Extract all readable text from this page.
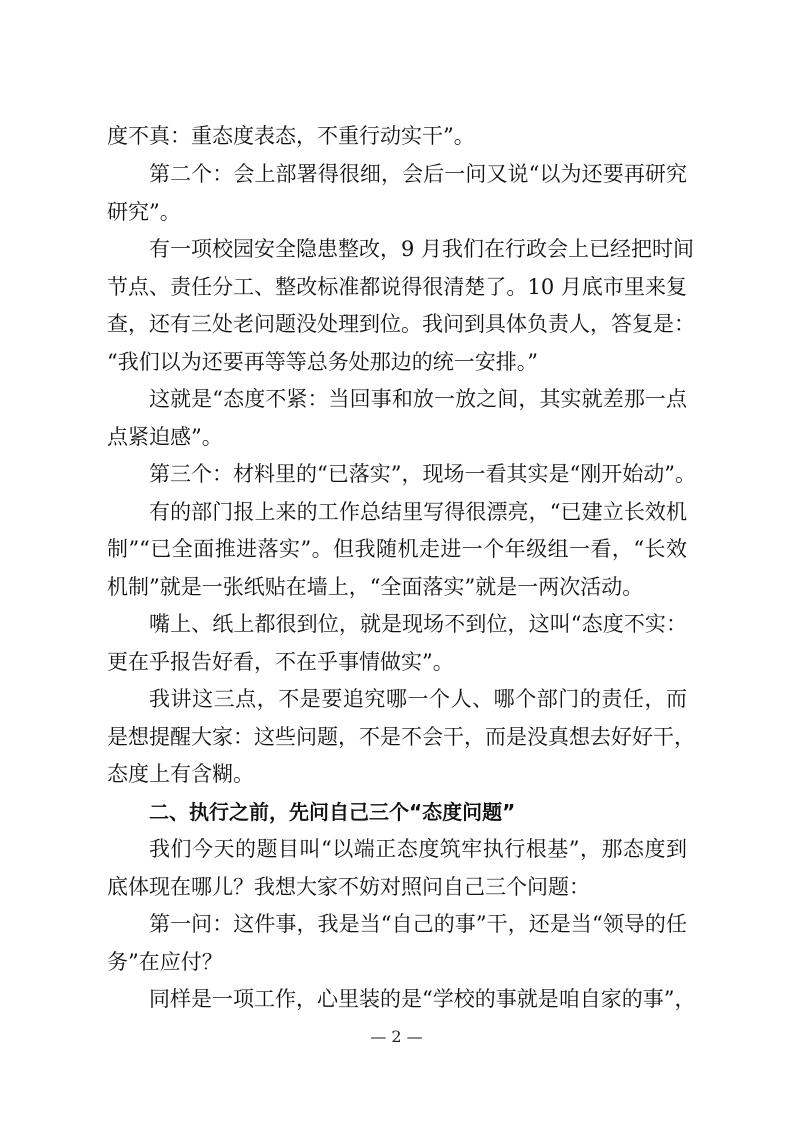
度不真：重态度表态，不重行动实干”。
第二个：会上部署得很细，会后一问又说“以为还要再研究
研究”。
有一项校园安全隐患整改，9 月我们在行政会上已经把时间
节点、责任分工、整改标准都说得很清楚了。10 月底市里来复
查，还有三处老问题没处理到位。我问到具体负责人，答复是：
“我们以为还要再等等总务处那边的统一安排。”
这就是“态度不紧：当回事和放一放之间，其实就差那一点
点紧迫感”。
第三个：材料里的“已落实”，现场一看其实是“刚开始动”。
有的部门报上来的工作总结里写得很漂亮，“已建立长效机
制”“已全面推进落实”。但我随机走进一个年级组一看，“长效
机制”就是一张纸贴在墙上，“全面落实”就是一两次活动。
嘴上、纸上都很到位，就是现场不到位，这叫“态度不实：
更在乎报告好看，不在乎事情做实”。
我讲这三点，不是要追究哪一个人、哪个部门的责任，而
是想提醒大家：这些问题，不是不会干，而是没真想去好好干，
态度上有含糊。
二、执行之前，先问自己三个“态度问题”
我们今天的题目叫“以端正态度筑牢执行根基”，那态度到
底体现在哪儿？我想大家不妨对照问自己三个问题：
第一问：这件事，我是当“自己的事”干，还是当“领导的任
务”在应付？
同样是一项工作，心里装的是“学校的事就是咱自家的事”，
— 2 —
